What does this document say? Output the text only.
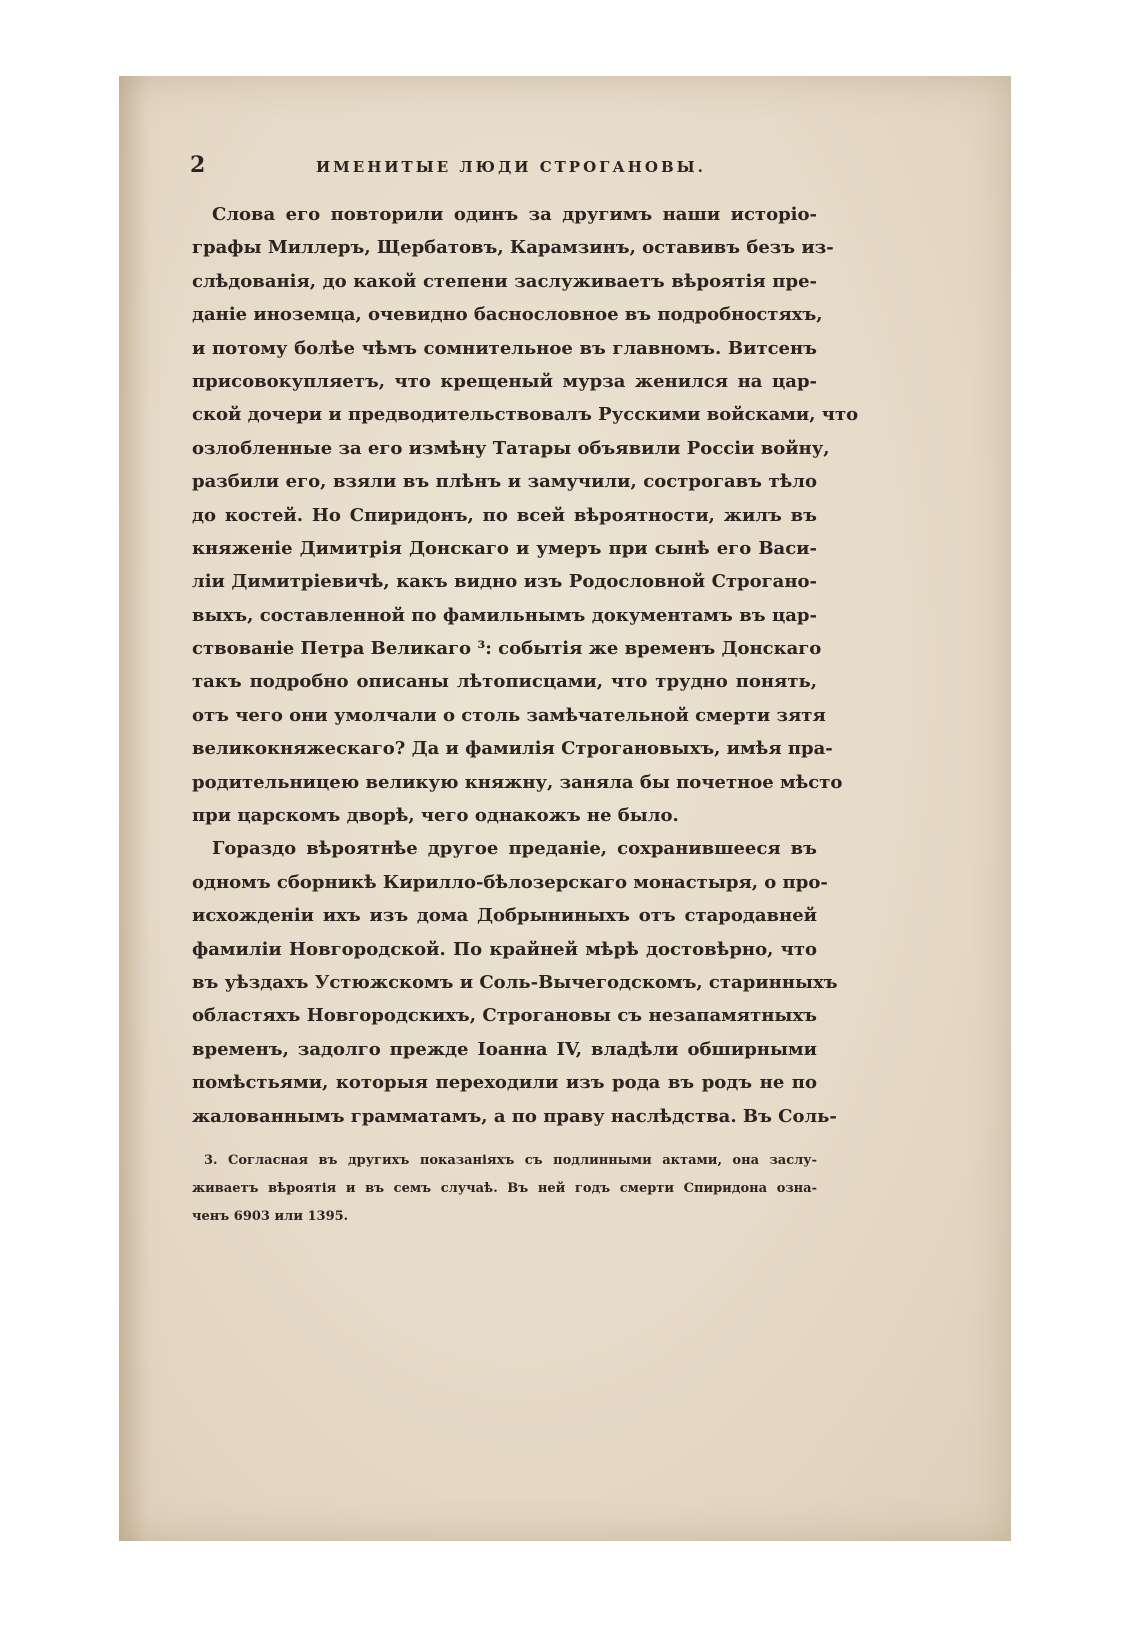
2	ИМЕНИТЫЕ ЛЮДИ СТРОГАНОВЫ.
Слова его повторили одинъ за другимъ наши исторіо-
графы Миллеръ, Щербатовъ, Карамзинъ, оставивъ безъ из-
слѣдованія, до какой степени заслуживаетъ вѣроятія пре-
даніе иноземца, очевидно баснословное въ подробностяхъ,
и потому болѣе чѣмъ сомнительное въ главномъ. Витсенъ
присовокупляетъ, что крещеный мурза женился на цар-
ской дочери и предводительствовалъ Русскими войсками, что
озлобленные за его измѣну Татары объявили Россіи войну,
разбили его, взяли въ плѣнъ и замучили, сострогавъ тѣло
до костей. Но Спиридонъ, по всей вѣроятности, жилъ въ
княженіе Димитрія Донскаго и умеръ при сынѣ его Васи-
ліи Димитріевичѣ, какъ видно изъ Родословной Строгано-
выхъ, составленной по фамильнымъ документамъ въ цар-
ствованіе Петра Великаго ³: событія же временъ Донскаго
такъ подробно описаны лѣтописцами, что трудно понять,
отъ чего они умолчали о столь замѣчательной смерти зятя
великокняжескаго? Да и фамилія Строгановыхъ, имѣя пра-
родительницею великую княжну, заняла бы почетное мѣсто
при царскомъ дворѣ, чего однакожъ не было.
Гораздо вѣроятнѣе другое преданіе, сохранившееся въ
одномъ сборникѣ Кирилло-бѣлозерскаго монастыря, о про-
исхожденіи ихъ изъ дома Добрыниныхъ отъ стародавней
фамиліи Новгородской. По крайней мѣрѣ достовѣрно, что
въ уѣздахъ Устюжскомъ и Соль-Вычегодскомъ, старинныхъ
областяхъ Новгородскихъ, Строгановы съ незапамятныхъ
временъ, задолго прежде Іоанна IV, владѣли обширными
помѣстьями, которыя переходили изъ рода въ родъ не по
жалованнымъ грамматамъ, а по праву наслѣдства. Въ Соль-
3. Согласная въ другихъ показаніяхъ съ подлинными актами, она заслу-
живаетъ вѣроятія и въ семъ случаѣ. Въ ней годъ смерти Спиридона озна-
ченъ 6903 или 1395.
